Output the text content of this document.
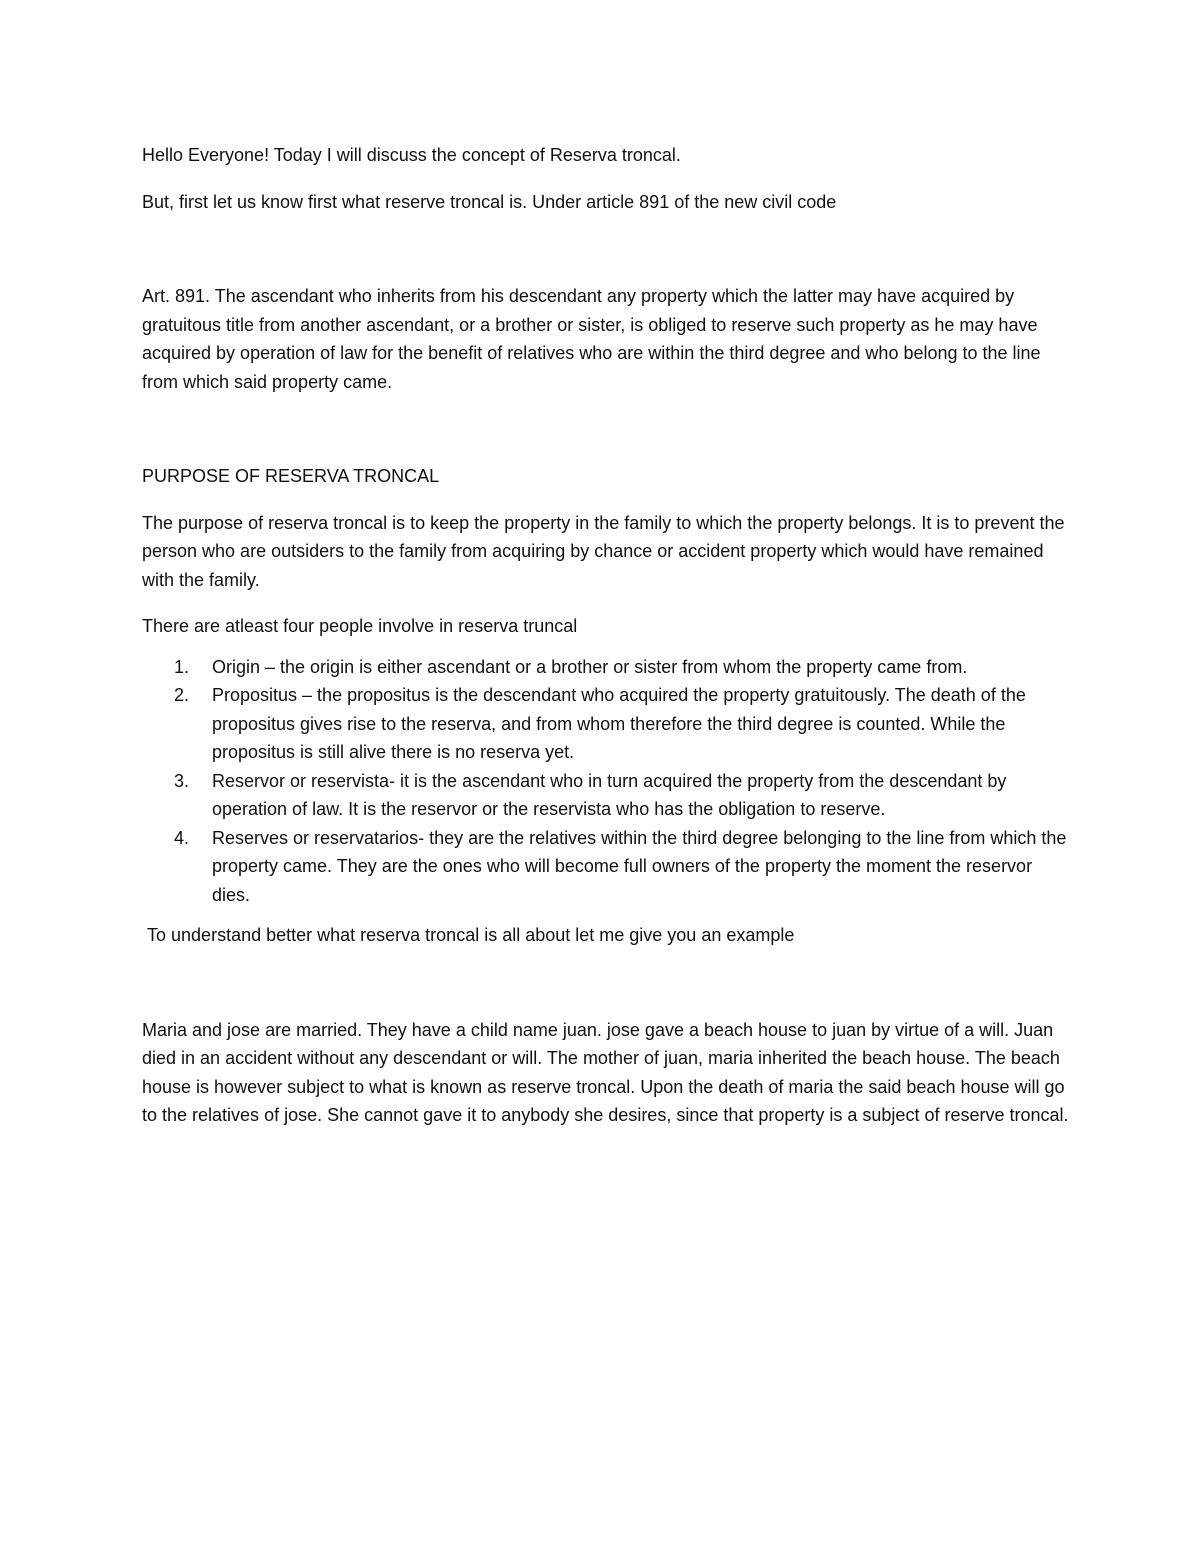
Hello Everyone! Today I will discuss the concept of Reserva troncal.

But, first let us know first what reserve troncal is. Under article 891 of the new civil code

Art. 891. The ascendant who inherits from his descendant any property which the latter may have acquired by gratuitous title from another ascendant, or a brother or sister, is obliged to reserve such property as he may have acquired by operation of law for the benefit of relatives who are within the third degree and who belong to the line from which said property came.

PURPOSE OF RESERVA TRONCAL

The purpose of reserva troncal is to keep the property in the family to which the property belongs. It is to prevent the person who are outsiders to the family from acquiring by chance or accident property which would have remained with the family.

There are atleast four people involve in reserva truncal

1. Origin – the origin is either ascendant or a brother or sister from whom the property came from.
2. Propositus – the propositus is the descendant who acquired the property gratuitously. The death of the propositus gives rise to the reserva, and from whom therefore the third degree is counted. While the propositus is still alive there is no reserva yet.
3. Reservor or reservista- it is the ascendant who in turn acquired the property from the descendant by operation of law. It is the reservor or the reservista who has the obligation to reserve.
4. Reserves or reservatarios- they are the relatives within the third degree belonging to the line from which the property came. They are the ones who will become full owners of the property the moment the reservor dies.

To understand better what reserva troncal is all about let me give you an example

Maria and jose are married. They have a child name juan. jose gave a beach house to juan by virtue of a will. Juan died in an accident without any descendant or will. The mother of juan, maria inherited the beach house. The beach house is however subject to what is known as reserve troncal. Upon the death of maria the said beach house will go to the relatives of jose. She cannot gave it to anybody she desires, since that property is a subject of reserve troncal.
